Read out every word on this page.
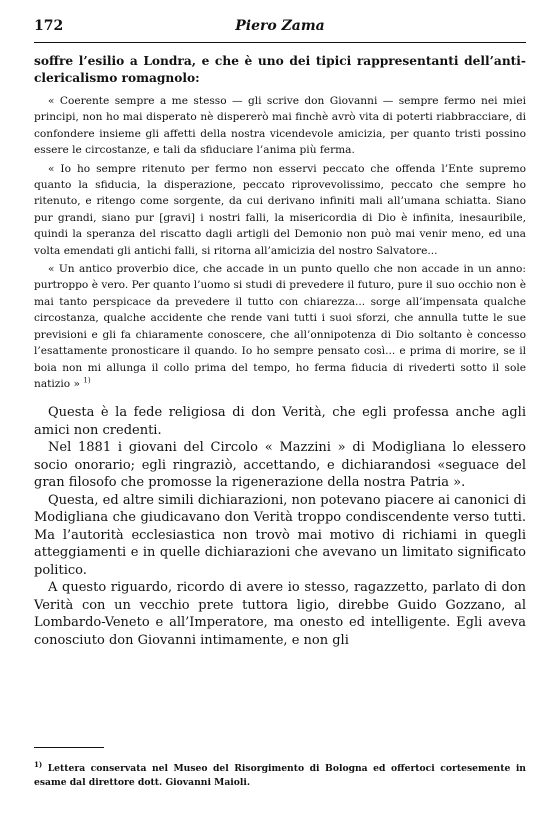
172	Piero Zama

soffre l’esilio a Londra, e che è uno dei tipici rappresentanti dell’anti-clericalismo romagnolo:

« Coerente sempre a me stesso — gli scrive don Giovanni — sempre fermo nei miei principi, non ho mai disperato nè dispererò mai finchè avrò vita di poterti riabbracciare, di confondere insieme gli affetti della nostra vicendevole amicizia, per quanto tristi possino essere le circostanze, e tali da sfiduciare l’anima più ferma.

« Io ho sempre ritenuto per fermo non esservi peccato che offenda l’Ente supremo quanto la sfiducia, la disperazione, peccato riprovevolissimo, peccato che sempre ho ritenuto, e ritengo come sorgente, da cui derivano infiniti mali all’umana schiatta. Siano pur grandi, siano pur [gravi] i nostri falli, la misericordia di Dio è infinita, inesauribile, quindi la speranza del riscatto dagli artigli del Demonio non può mai venir meno, ed una volta emendati gli antichi falli, si ritorna all’amicizia del nostro Salvatore...

« Un antico proverbio dice, che accade in un punto quello che non accade in un anno: purtroppo è vero. Per quanto l’uomo si studi di prevedere il futuro, pure il suo occhio non è mai tanto perspicace da prevedere il tutto con chiarezza... sorge all’impensata qualche circostanza, qualche accidente che rende vani tutti i suoi sforzi, che annulla tutte le sue previsioni e gli fa chiaramente conoscere, che all’onnipotenza di Dio soltanto è concesso l’esattamente pronosticare il quando. Io ho sempre pensato così... e prima di morire, se il boia non mi allunga il collo prima del tempo, ho ferma fiducia di rivederti sotto il sole natizio » $^{1)}$

Questa è la fede religiosa di don Verità, che egli professa anche agli amici non credenti.

Nel 1881 i giovani del Circolo « Mazzini » di Modigliana lo elessero socio onorario; egli ringraziò, accettando, e dichiarandosi «seguace del gran filosofo che promosse la rigenerazione della nostra Patria ».

Questa, ed altre simili dichiarazioni, non potevano piacere ai canonici di Modigliana che giudicavano don Verità troppo condiscendente verso tutti. Ma l’autorità ecclesiastica non trovò mai motivo di richiami in quegli atteggiamenti e in quelle dichiarazioni che avevano un limitato significato politico.

A questo riguardo, ricordo di avere io stesso, ragazzetto, parlato di don Verità con un vecchio prete tuttora ligio, direbbe Guido Gozzano, al Lombardo-Veneto e all’Imperatore, ma onesto ed intelligente. Egli aveva conosciuto don Giovanni intimamente, e non gli

$^{1)}$ Lettera conservata nel Museo del Risorgimento di Bologna ed offertoci cortesemente in esame dal direttore dott. Giovanni Maioli.
